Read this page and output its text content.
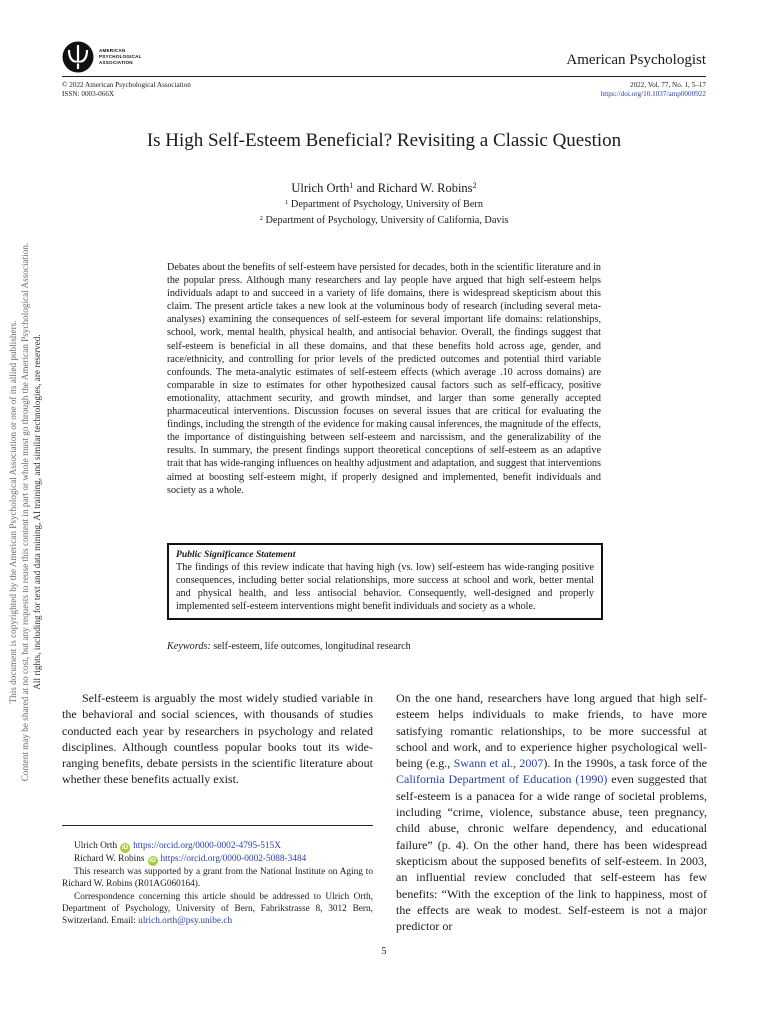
This document is copyrighted by the American Psychological Association or one of its allied publishers. Content may be shared at no cost, but any requests to reuse this content in part or whole must go through the American Psychological Association. All rights, including for text and data mining, AI training, and similar technologies, are reserved.
AMERICAN
PSYCHOLOGICAL
ASSOCIATION	American Psychologist
© 2022 American Psychological Association
ISSN: 0003-066X
2022, Vol. 77, No. 1, 5–17
https://doi.org/10.1037/amp0000922
Is High Self-Esteem Beneficial? Revisiting a Classic Question
Ulrich Orth$^1$ and Richard W. Robins$^2$
$^1$ Department of Psychology, University of Bern
$^2$ Department of Psychology, University of California, Davis
Debates about the benefits of self-esteem have persisted for decades, both in the scientific literature and in the popular press. Although many researchers and lay people have argued that high self-esteem helps individuals adapt to and succeed in a variety of life domains, there is widespread skepticism about this claim. The present article takes a new look at the voluminous body of research (including several meta-analyses) examining the consequences of self-esteem for several important life domains: relationships, school, work, mental health, physical health, and antisocial behavior. Overall, the findings suggest that self-esteem is beneficial in all these domains, and that these benefits hold across age, gender, and race/ethnicity, and controlling for prior levels of the predicted outcomes and potential third variable confounds. The meta-analytic estimates of self-esteem effects (which average .10 across domains) are comparable in size to estimates for other hypothesized causal factors such as self-efficacy, positive emotionality, attachment security, and growth mindset, and larger than some generally accepted pharmaceutical interventions. Discussion focuses on several issues that are critical for evaluating the findings, including the strength of the evidence for making causal inferences, the magnitude of the effects, the importance of distinguishing between self-esteem and narcissism, and the generalizability of the results. In summary, the present findings support theoretical conceptions of self-esteem as an adaptive trait that has wide-ranging influences on healthy adjustment and adaptation, and suggest that interventions aimed at boosting self-esteem might, if properly designed and implemented, benefit individuals and society as a whole.
Public Significance Statement
The findings of this review indicate that having high (vs. low) self-esteem has wide-ranging positive consequences, including better social relationships, more success at school and work, better mental and physical health, and less antisocial behavior. Consequently, well-designed and properly implemented self-esteem interventions might benefit individuals and society as a whole.
Keywords: self-esteem, life outcomes, longitudinal research
Self-esteem is arguably the most widely studied variable in the behavioral and social sciences, with thousands of studies conducted each year by researchers in psychology and related disciplines. Although countless popular books tout its wide-ranging benefits, debate persists in the scientific literature about whether these benefits actually exist.
On the one hand, researchers have long argued that high self-esteem helps individuals to make friends, to have more satisfying romantic relationships, to be more successful at school and work, and to experience higher psychological well-being (e.g., Swann et al., 2007). In the 1990s, a task force of the California Department of Education (1990) even suggested that self-esteem is a panacea for a wide range of societal problems, including “crime, violence, substance abuse, teen pregnancy, child abuse, chronic welfare dependency, and educational failure” (p. 4). On the other hand, there has been widespread skepticism about the supposed benefits of self-esteem. In 2003, an influential review concluded that self-esteem has few benefits: “With the exception of the link to happiness, most of the effects are weak to modest. Self-esteem is not a major predictor or

Ulrich Orth iD https://orcid.org/0000-0002-4795-515X

Richard W. Robins iD https://orcid.org/0000-0002-5088-3484

This research was supported by a grant from the National Institute on Aging to Richard W. Robins (R01AG060164).

Correspondence concerning this article should be addressed to Ulrich Orth, Department of Psychology, University of Bern, Fabrikstrasse 8, 3012 Bern, Switzerland. Email: ulrich.orth@psy.unibe.ch

5
